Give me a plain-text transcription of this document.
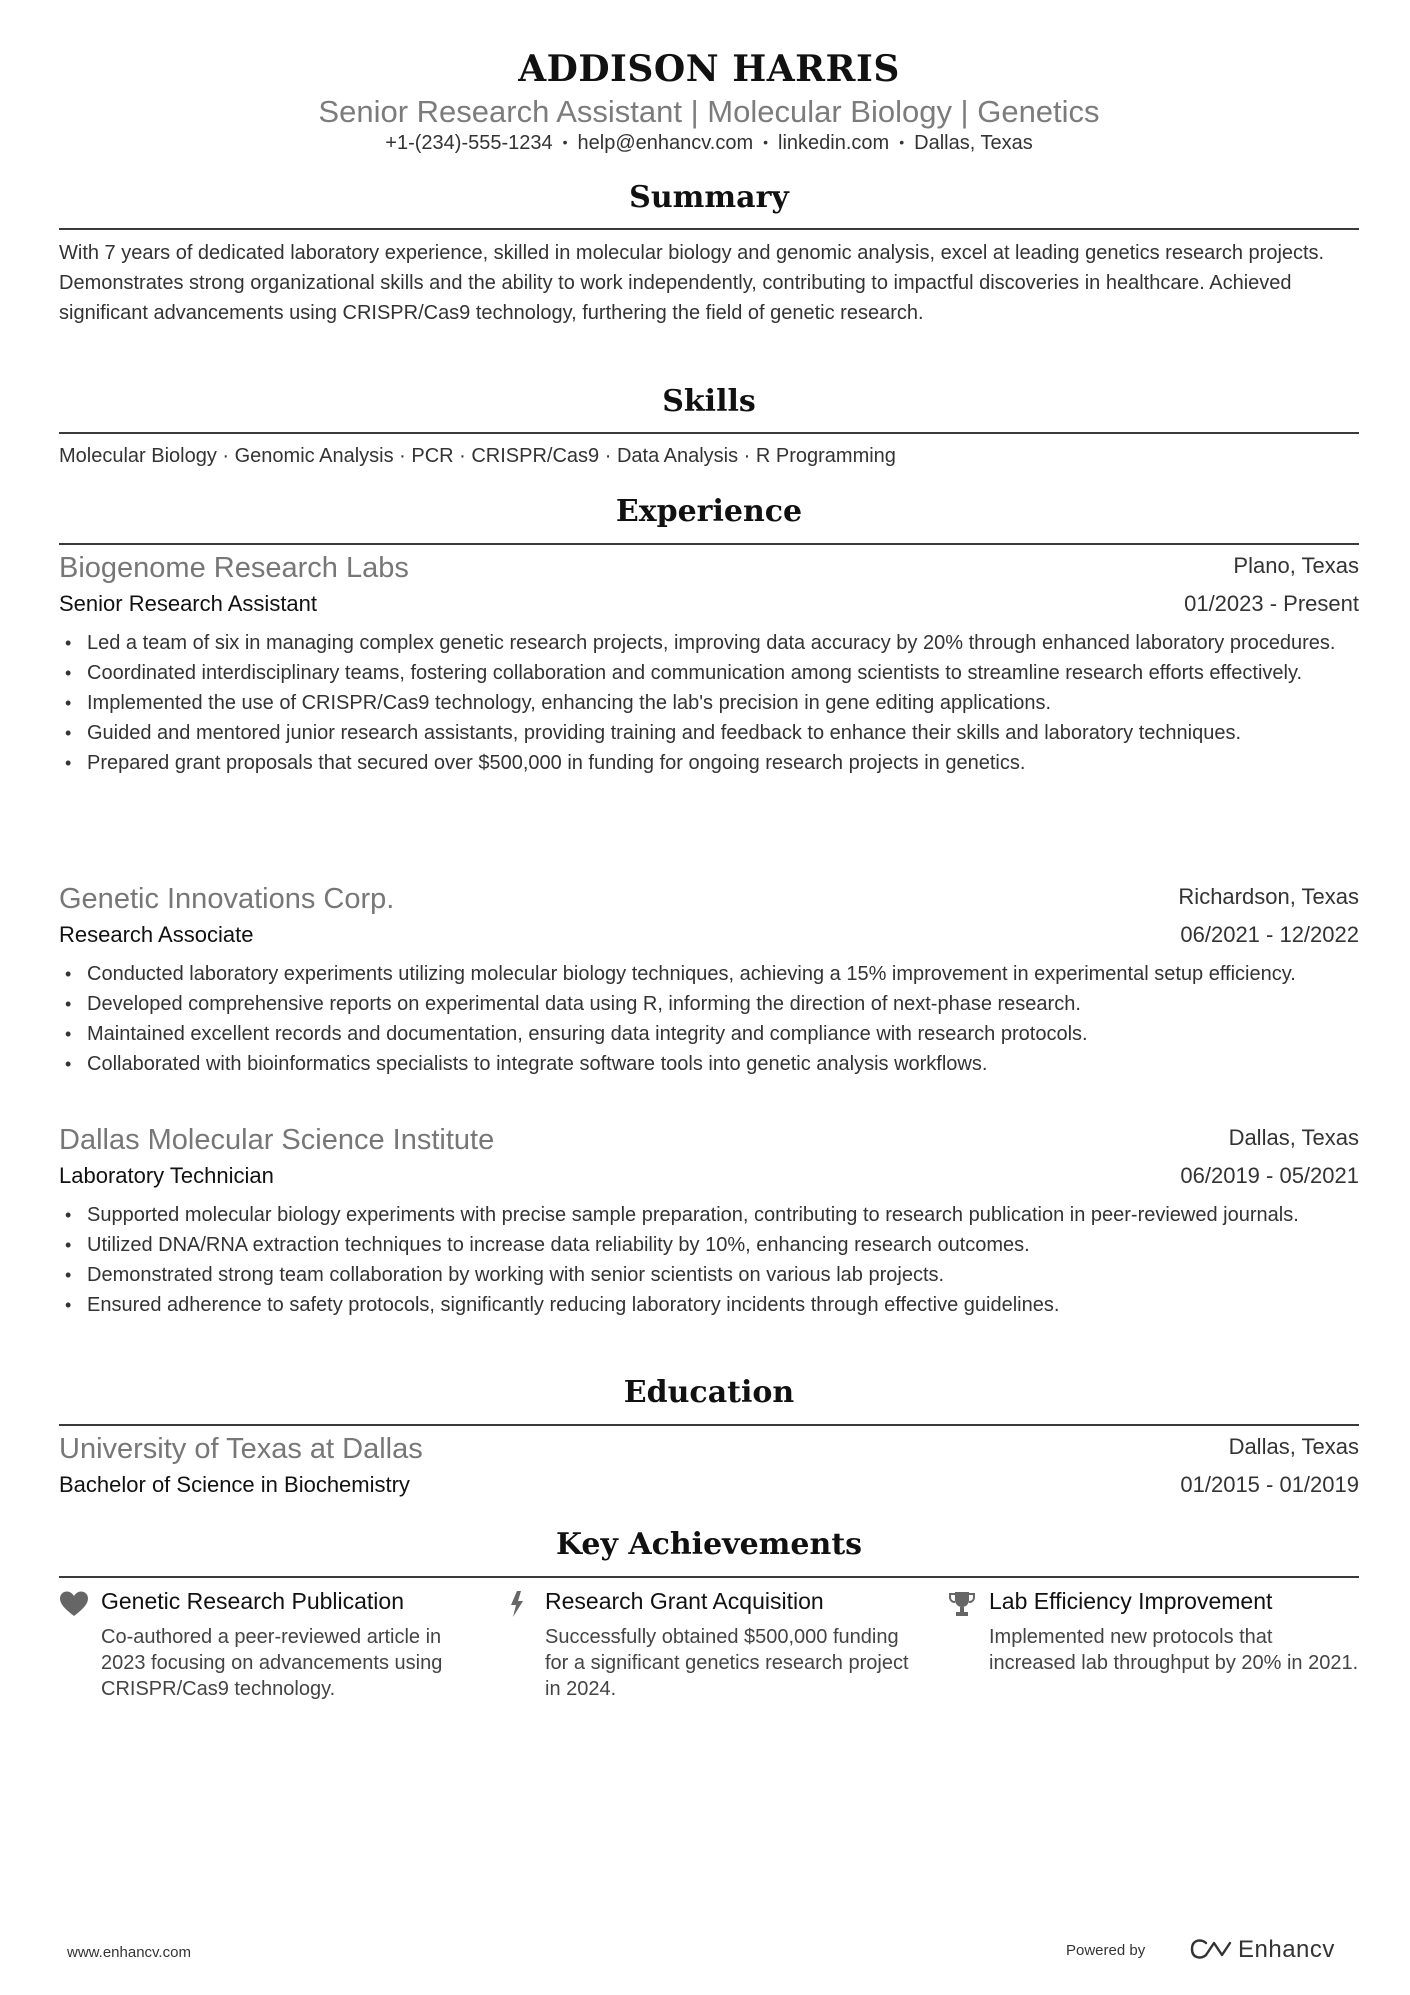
ADDISON HARRIS
Senior Research Assistant | Molecular Biology | Genetics
+1-(234)-555-1234 • help@enhancv.com • linkedin.com • Dallas, Texas
Summary
With 7 years of dedicated laboratory experience, skilled in molecular biology and genomic analysis, excel at leading genetics research projects. Demonstrates strong organizational skills and the ability to work independently, contributing to impactful discoveries in healthcare. Achieved significant advancements using CRISPR/Cas9 technology, furthering the field of genetic research.
Skills
Molecular Biology · Genomic Analysis · PCR · CRISPR/Cas9 · Data Analysis · R Programming
Experience
Biogenome Research Labs	Plano, Texas
Senior Research Assistant	01/2023 - Present
• Led a team of six in managing complex genetic research projects, improving data accuracy by 20% through enhanced laboratory procedures.
• Coordinated interdisciplinary teams, fostering collaboration and communication among scientists to streamline research efforts effectively.
• Implemented the use of CRISPR/Cas9 technology, enhancing the lab's precision in gene editing applications.
• Guided and mentored junior research assistants, providing training and feedback to enhance their skills and laboratory techniques.
• Prepared grant proposals that secured over $500,000 in funding for ongoing research projects in genetics.
Genetic Innovations Corp.	Richardson, Texas
Research Associate	06/2021 - 12/2022
• Conducted laboratory experiments utilizing molecular biology techniques, achieving a 15% improvement in experimental setup efficiency.
• Developed comprehensive reports on experimental data using R, informing the direction of next-phase research.
• Maintained excellent records and documentation, ensuring data integrity and compliance with research protocols.
• Collaborated with bioinformatics specialists to integrate software tools into genetic analysis workflows.
Dallas Molecular Science Institute	Dallas, Texas
Laboratory Technician	06/2019 - 05/2021
• Supported molecular biology experiments with precise sample preparation, contributing to research publication in peer-reviewed journals.
• Utilized DNA/RNA extraction techniques to increase data reliability by 10%, enhancing research outcomes.
• Demonstrated strong team collaboration by working with senior scientists on various lab projects.
• Ensured adherence to safety protocols, significantly reducing laboratory incidents through effective guidelines.
Education
University of Texas at Dallas	Dallas, Texas
Bachelor of Science in Biochemistry	01/2015 - 01/2019
Key Achievements
Genetic Research Publication
Co-authored a peer-reviewed article in 2023 focusing on advancements using CRISPR/Cas9 technology.
Research Grant Acquisition
Successfully obtained $500,000 funding for a significant genetics research project in 2024.
Lab Efficiency Improvement
Implemented new protocols that increased lab throughput by 20% in 2021.
www.enhancv.com	Powered by	Enhancv
